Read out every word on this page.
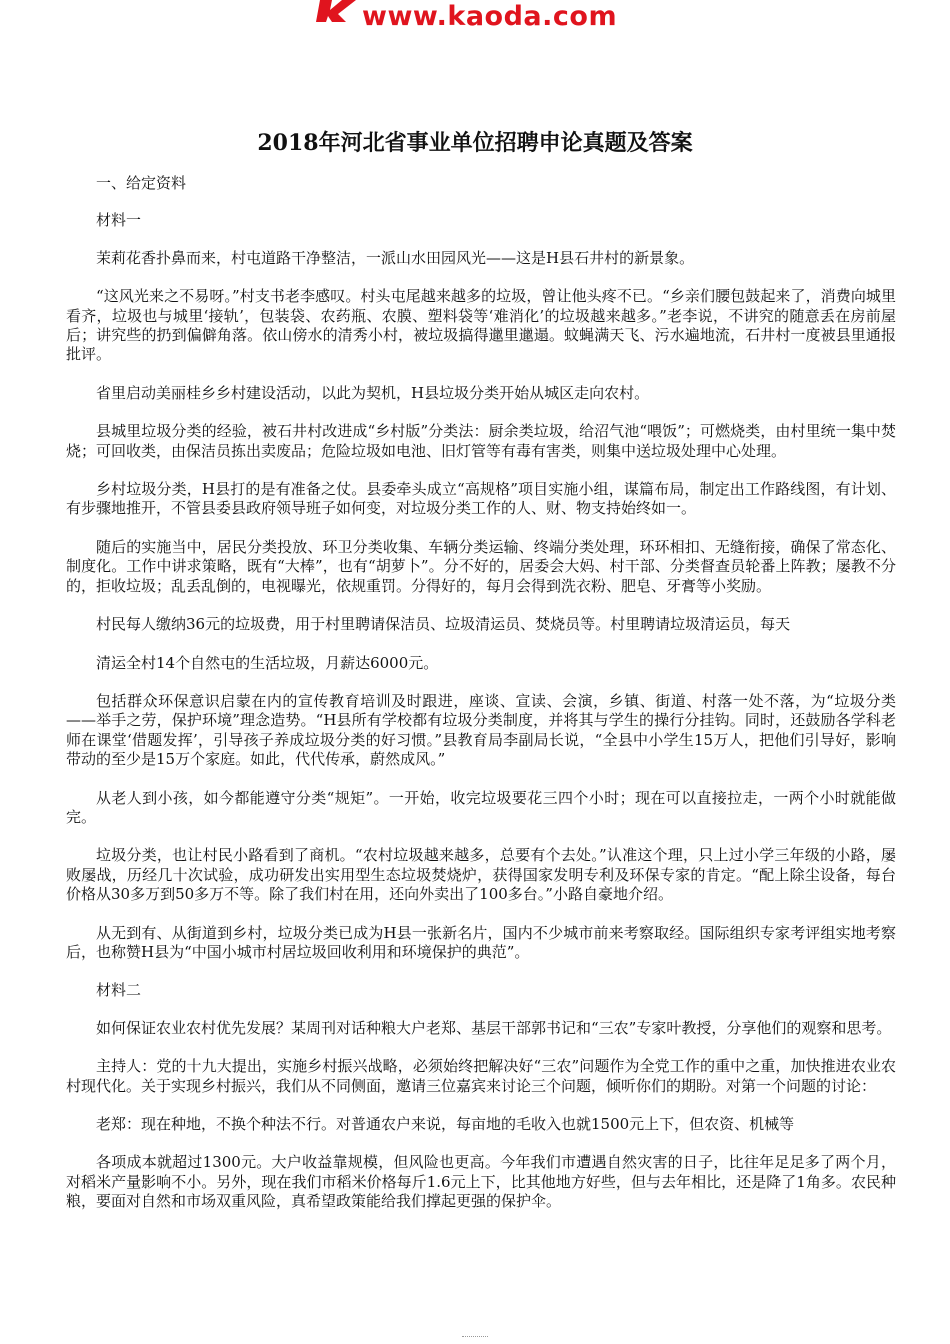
www.kaoda.com
2018年河北省事业单位招聘申论真题及答案

一、给定资料

材料一

茉莉花香扑鼻而来，村屯道路干净整洁，一派山水田园风光——这是H县石井村的新景象。

“这风光来之不易呀。”村支书老李感叹。村头屯尾越来越多的垃圾，曾让他头疼不已。“乡亲们腰包鼓起来了，消费向城里看齐，垃圾也与城里‘接轨’，包装袋、农药瓶、农膜、塑料袋等‘难消化’的垃圾越来越多。”老李说，不讲究的随意丢在房前屋后；讲究些的扔到偏僻角落。依山傍水的清秀小村，被垃圾搞得邋里邋遢。蚊蝇满天飞、污水遍地流，石井村一度被县里通报批评。

省里启动美丽桂乡乡村建设活动，以此为契机，H县垃圾分类开始从城区走向农村。

县城里垃圾分类的经验，被石井村改进成“乡村版”分类法：厨余类垃圾，给沼气池“喂饭”；可燃烧类，由村里统一集中焚烧；可回收类，由保洁员拣出卖废品；危险垃圾如电池、旧灯管等有毒有害类，则集中送垃圾处理中心处理。

乡村垃圾分类，H县打的是有准备之仗。县委牵头成立“高规格”项目实施小组，谋篇布局，制定出工作路线图，有计划、有步骤地推开，不管县委县政府领导班子如何变，对垃圾分类工作的人、财、物支持始终如一。

随后的实施当中，居民分类投放、环卫分类收集、车辆分类运输、终端分类处理，环环相扣、无缝衔接，确保了常态化、制度化。工作中讲求策略，既有“大棒”，也有“胡萝卜”。分不好的，居委会大妈、村干部、分类督查员轮番上阵教；屡教不分的，拒收垃圾；乱丢乱倒的，电视曝光，依规重罚。分得好的，每月会得到洗衣粉、肥皂、牙膏等小奖励。

村民每人缴纳36元的垃圾费，用于村里聘请保洁员、垃圾清运员、焚烧员等。村里聘请垃圾清运员，每天

清运全村14个自然屯的生活垃圾，月薪达6000元。

包括群众环保意识启蒙在内的宣传教育培训及时跟进，座谈、宣读、会演，乡镇、街道、村落一处不落，为“垃圾分类——举手之劳，保护环境”理念造势。“H县所有学校都有垃圾分类制度，并将其与学生的操行分挂钩。同时，还鼓励各学科老师在课堂‘借题发挥’，引导孩子养成垃圾分类的好习惯。”县教育局李副局长说，“全县中小学生15万人，把他们引导好，影响带动的至少是15万个家庭。如此，代代传承，蔚然成风。”

从老人到小孩，如今都能遵守分类“规矩”。一开始，收完垃圾要花三四个小时；现在可以直接拉走，一两个小时就能做完。

垃圾分类，也让村民小路看到了商机。“农村垃圾越来越多，总要有个去处。”认准这个理，只上过小学三年级的小路，屡败屡战，历经几十次试验，成功研发出实用型生态垃圾焚烧炉，获得国家发明专利及环保专家的肯定。“配上除尘设备，每台价格从30多万到50多万不等。除了我们村在用，还向外卖出了100多台。”小路自豪地介绍。

从无到有、从街道到乡村，垃圾分类已成为H县一张新名片，国内不少城市前来考察取经。国际组织专家考评组实地考察后，也称赞H县为“中国小城市村居垃圾回收利用和环境保护的典范”。

材料二

如何保证农业农村优先发展？某周刊对话种粮大户老郑、基层干部郭书记和“三农”专家叶教授，分享他们的观察和思考。

主持人：党的十九大提出，实施乡村振兴战略，必须始终把解决好“三农”问题作为全党工作的重中之重，加快推进农业农村现代化。关于实现乡村振兴，我们从不同侧面，邀请三位嘉宾来讨论三个问题，倾听你们的期盼。对第一个问题的讨论：

老郑：现在种地，不换个种法不行。对普通农户来说，每亩地的毛收入也就1500元上下，但农资、机械等

各项成本就超过1300元。大户收益靠规模，但风险也更高。今年我们市遭遇自然灾害的日子，比往年足足多了两个月，对稻米产量影响不小。另外，现在我们市稻米价格每斤1.6元上下，比其他地方好些，但与去年相比，还是降了1角多。农民种粮，要面对自然和市场双重风险，真希望政策能给我们撑起更强的保护伞。
